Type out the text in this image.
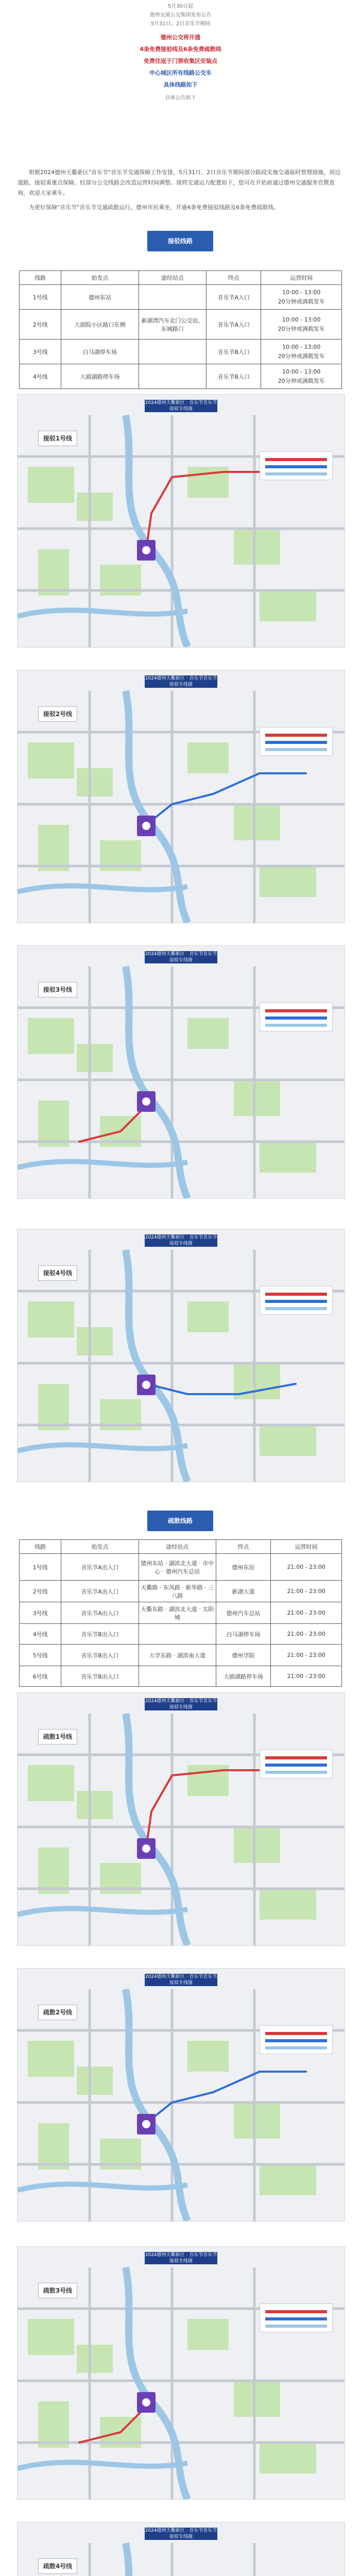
5月30日起
德州交通公交集团发布公告
5月31日、2日音乐节期间
德州公交将开通
4条免费接驳线及6条免费疏散线
免费往返于门票收集区安装点
中心城区所有线路公交车
具体线路如下
具体公告如下

根据2024德州天衢新区"音乐节"音乐节交通保障工作安排，5月31日、2日音乐节期间部分路段实施交通临时管理措施，周边道路、接驳需重点保障。经部分公交线路会改造运营时间调整。现将交通运力配置如下，您可在开始前通过德州交通服务官微查询，欢迎大家乘车。

为更好保障"音乐节"音乐节交通疏散运行，德州市民乘坐，开通4条免费接驳线路及6条免费疏散线。

接驳线路
线路	始发点	途经站点	终点	运营时间
1号线	德州东站		音乐节A入口	10:00 - 13:00
20分钟或满载发车

2号线	大剧院小区路口东侧	新湖湾汽车北门公交站、东城路口	音乐节A入口	10:00 - 13:00
20分钟或满载发车

3号线	白马湖停车场		音乐节B入口	10:00 - 13:00
20分钟或满载发车

4号线	大剧湖路停车场		音乐节B入口	10:00 - 13:00
20分钟或满载发车
疏散线路
线路	始发点	途经站点	终点	运营时间
1号线	音乐节A出入口	德州东站 · 湖滨北大道 · 市中心 · 德州汽车总站	德州东站	21:00 - 23:00
2号线	音乐节A出入口	天衢路 · 东风路 · 新华路 · 三八路	新湖大道	21:00 - 23:00
3号线	音乐节A出入口	天衢东路 · 湖滨北大道 · 太阳城	德州汽车总站	21:00 - 23:00
4号线	音乐节B出入口		白马湖停车场	21:00 - 23:00
5号线	音乐节B出入口	大学东路 · 湖滨南大道	德州学院	21:00 - 23:00
6号线	音乐节B出入口		大剧湖路停车场	21:00 - 23:00
2024德州天衢新区 · 音乐节音乐节 接驳专线图
接驳1号线
2024德州天衢新区 · 音乐节音乐节 接驳专线图
接驳2号线
2024德州天衢新区 · 音乐节音乐节 接驳专线图
接驳3号线
2024德州天衢新区 · 音乐节音乐节 接驳专线图
接驳4号线
2024德州天衢新区 · 音乐节音乐节 接驳专线图
疏散1号线
2024德州天衢新区 · 音乐节音乐节 接驳专线图
疏散2号线
2024德州天衢新区 · 音乐节音乐节 接驳专线图
疏散3号线
2024德州天衢新区 · 音乐节音乐节 接驳专线图
疏散4号线
